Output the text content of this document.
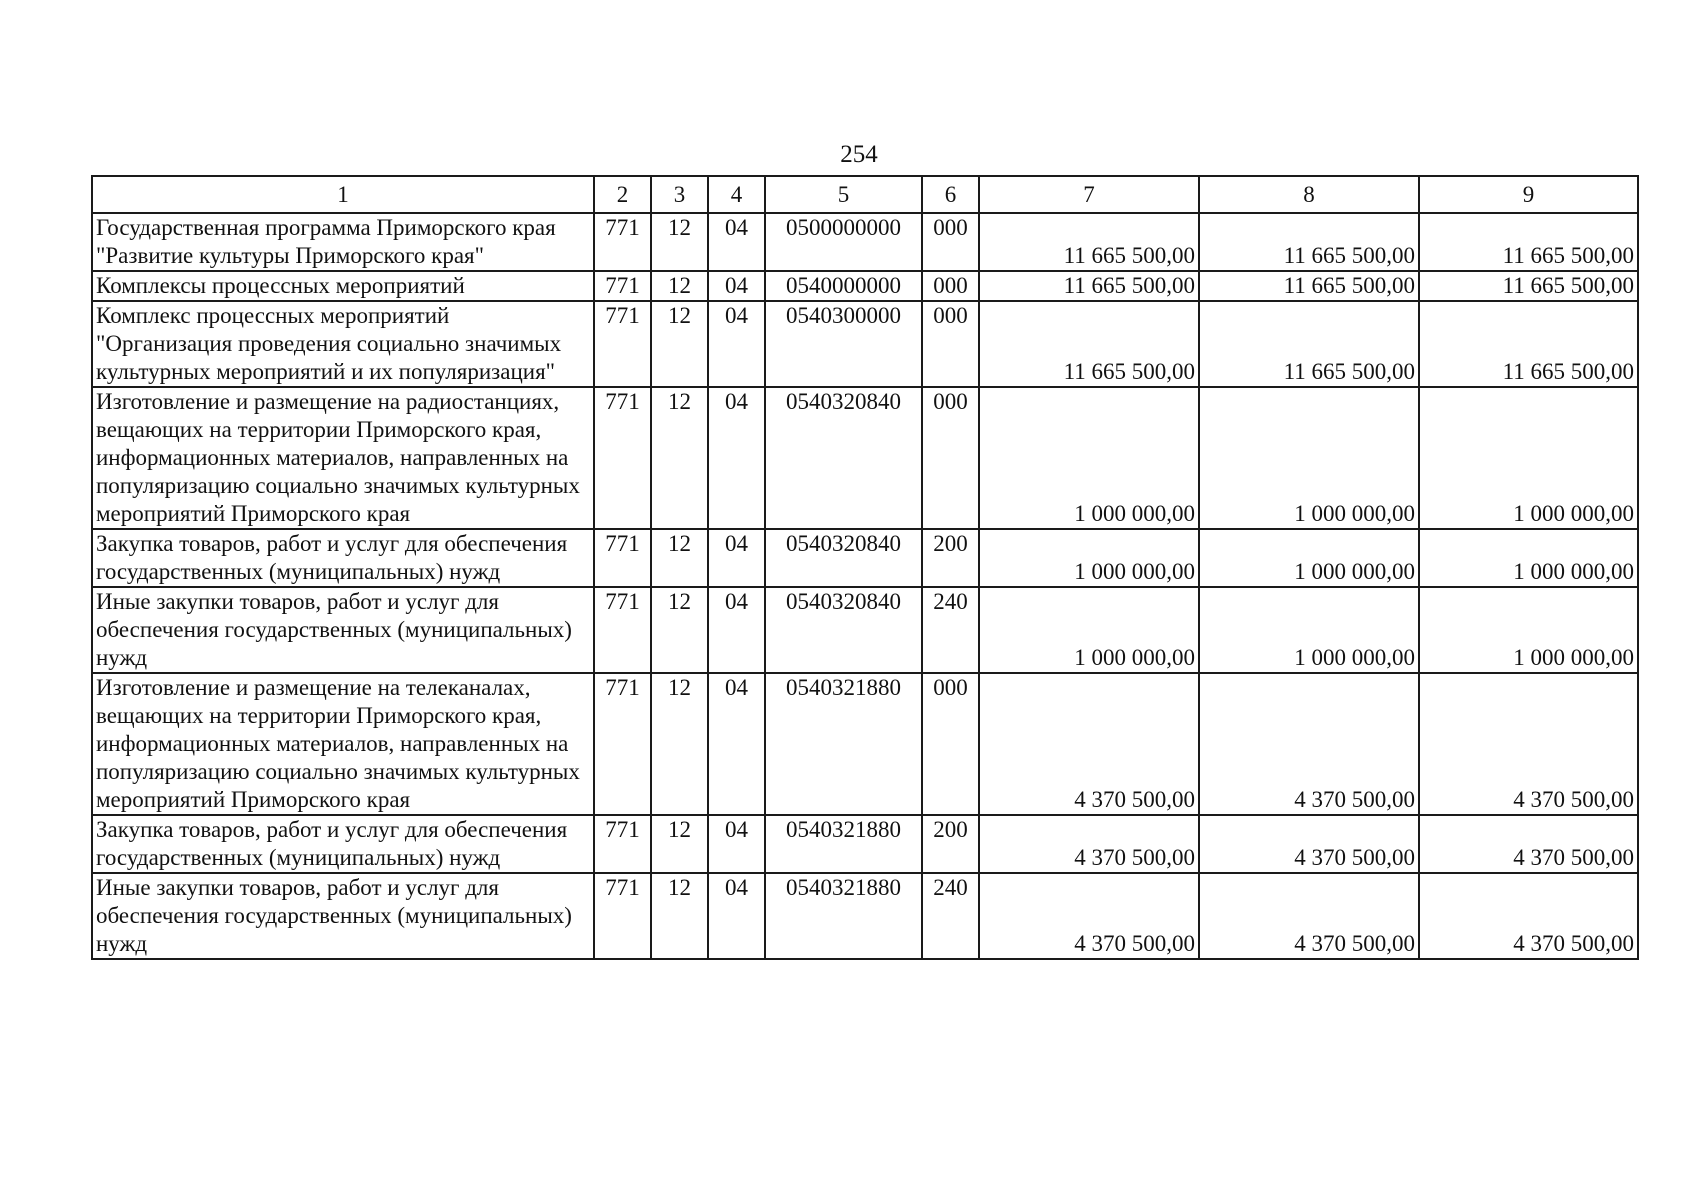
254
1	2	3	4	5	6	7	8	9
Государственная программа Приморского края "Развитие культуры Приморского края"	771	12	04	0500000000	000	11 665 500,00	11 665 500,00	11 665 500,00
Комплексы процессных мероприятий	771	12	04	0540000000	000	11 665 500,00	11 665 500,00	11 665 500,00
Комплекс процессных мероприятий "Организация проведения социально значимых культурных мероприятий и их популяризация"	771	12	04	0540300000	000	11 665 500,00	11 665 500,00	11 665 500,00
Изготовление и размещение на радиостанциях, вещающих на территории Приморского края, информационных материалов, направленных на популяризацию социально значимых культурных мероприятий Приморского края	771	12	04	0540320840	000	1 000 000,00	1 000 000,00	1 000 000,00
Закупка товаров, работ и услуг для обеспечения государственных (муниципальных) нужд	771	12	04	0540320840	200	1 000 000,00	1 000 000,00	1 000 000,00
Иные закупки товаров, работ и услуг для обеспечения государственных (муниципальных) нужд	771	12	04	0540320840	240	1 000 000,00	1 000 000,00	1 000 000,00
Изготовление и размещение на телеканалах, вещающих на территории Приморского края, информационных материалов, направленных на популяризацию социально значимых культурных мероприятий Приморского края	771	12	04	0540321880	000	4 370 500,00	4 370 500,00	4 370 500,00
Закупка товаров, работ и услуг для обеспечения государственных (муниципальных) нужд	771	12	04	0540321880	200	4 370 500,00	4 370 500,00	4 370 500,00
Иные закупки товаров, работ и услуг для обеспечения государственных (муниципальных) нужд	771	12	04	0540321880	240	4 370 500,00	4 370 500,00	4 370 500,00
